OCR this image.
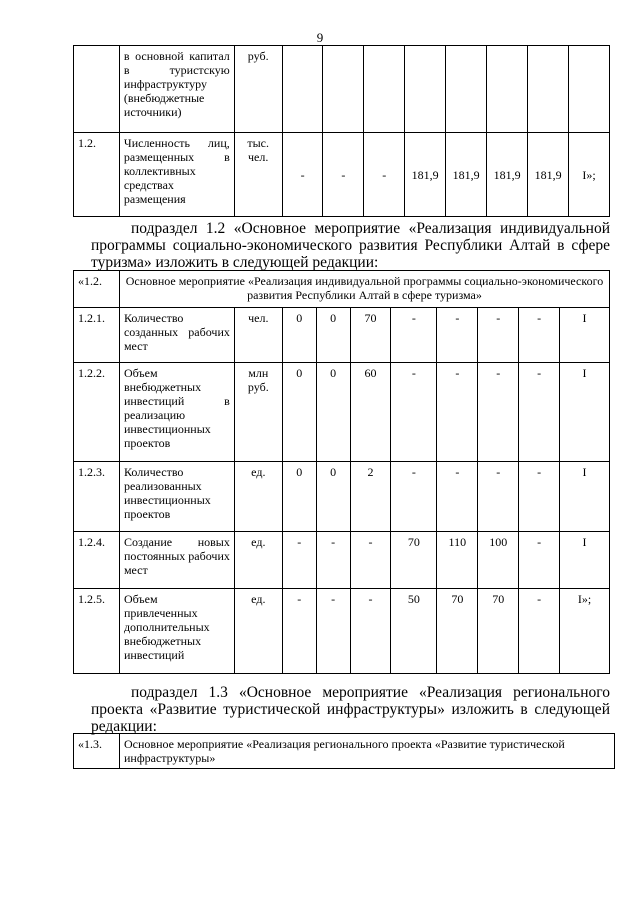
9
	в основной капитал в туристскую инфраструктуру (внебюджетные источники)	руб.								
1.2.	Численность лиц, размещенных в коллективных средствах размещения	тыс. чел.	-	-	-	181,9	181,9	181,9	181,9	I»;
подраздел 1.2 «Основное мероприятие «Реализация индивидуальной программы социально-экономического развития Республики Алтай в сфере туризма» изложить в следующей редакции:
«1.2.	Основное мероприятие «Реализация индивидуальной программы социально-экономического развития Республики Алтай в сфере туризма»									
1.2.1.	Количество созданных рабочих мест	чел.	0	0	70	-	-	-	-	I
1.2.2.	Объем внебюджетных инвестиций в реализацию инвестиционных проектов	млн руб.	0	0	60	-	-	-	-	I
1.2.3.	Количество реализованных инвестиционных проектов	ед.	0	0	2	-	-	-	-	I
1.2.4.	Создание новых постоянных рабочих мест	ед.	-	-	-	70	110	100	-	I
1.2.5.	Объем привлеченных дополнительных внебюджетных инвестиций	ед.	-	-	-	50	70	70	-	I»;
подраздел 1.3 «Основное мероприятие «Реализация регионального проекта «Развитие туристической инфраструктуры» изложить в следующей редакции:
«1.3.	Основное мероприятие «Реализация регионального проекта «Развитие туристической инфраструктуры»
